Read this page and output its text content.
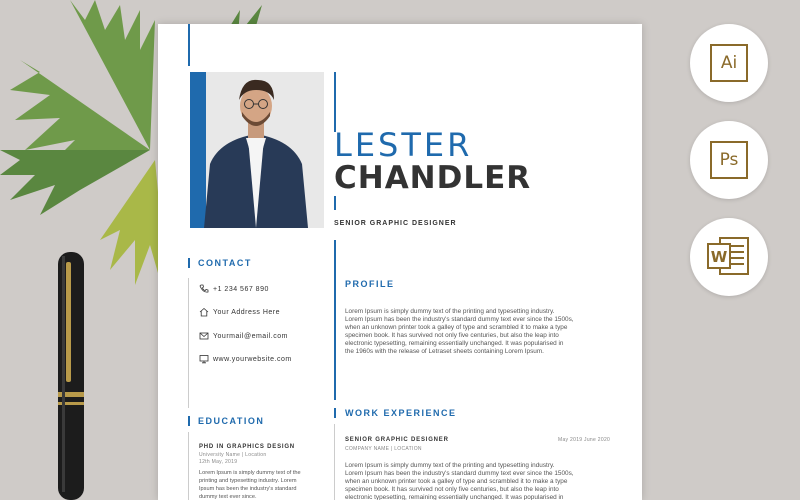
LESTER
CHANDLER
SENIOR GRAPHIC DESIGNER
CONTACT
+1 234 567 890
Your Address Here
Yourmail@email.com
www.yourwebsite.com
EDUCATION
PHD IN GRAPHICS DESIGN
University Name | Location
12th May, 2019
Lorem Ipsum is simply dummy text of the
printing and typesetting industry. Lorem
Ipsum has been the industry's standard
dummy text ever since.
PROFILE
Lorem Ipsum is simply dummy text of the printing and typesetting industry.
Lorem Ipsum has been the industry's standard dummy text ever since the 1500s,
when an unknown printer took a galley of type and scrambled it to make a type
specimen book. It has survived not only five centuries, but also the leap into
electronic typesetting, remaining essentially unchanged. It was popularised in
the 1960s with the release of Letraset sheets containing Lorem Ipsum.
WORK EXPERIENCE
SENIOR GRAPHIC DESIGNER	May 2019 June 2020
COMPANY NAME | LOCATION
Lorem Ipsum is simply dummy text of the printing and typesetting industry.
Lorem Ipsum has been the industry's standard dummy text ever since the 1500s,
when an unknown printer took a galley of type and scrambled it to make a type
specimen book. It has survived not only five centuries, but also the leap into
electronic typesetting, remaining essentially unchanged. It was popularised in
Ai
Ps
W
